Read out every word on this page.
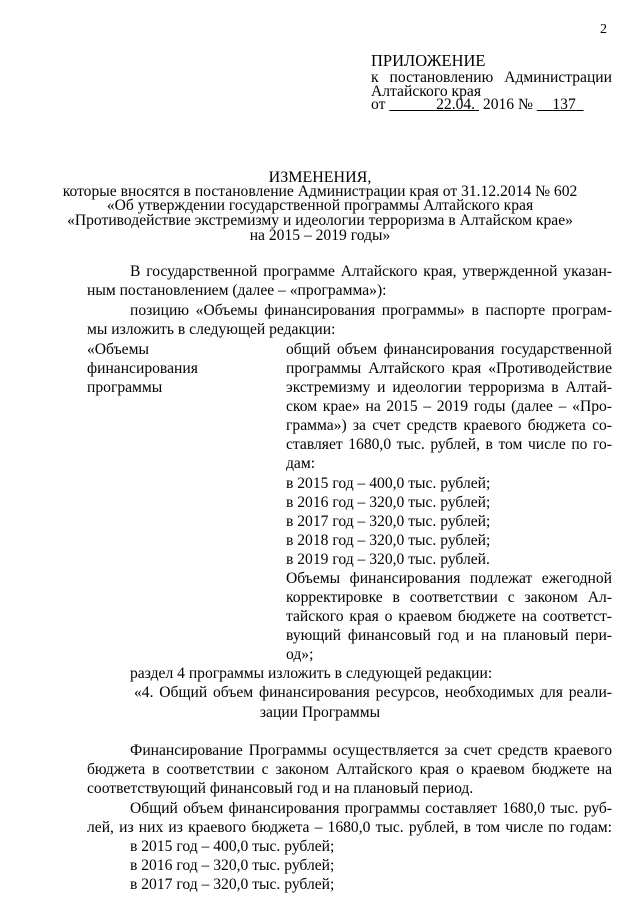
2
ПРИЛОЖЕНИЕ
к постановлению Администрации
Алтайского края
от	22.04. 2016 № 137
ИЗМЕНЕНИЯ,
которые вносятся в постановление Администрации края от 31.12.2014 № 602
«Об утверждении государственной программы Алтайского края
«Противодействие экстремизму и идеологии терроризма в Алтайском крае»
на 2015 – 2019 годы»
В государственной программе Алтайского края, утвержденной указан-
ным постановлением (далее – «программа»):
позицию «Объемы финансирования программы» в паспорте програм-
мы изложить в следующей редакции:
«Объемы
финансирования
программы
общий объем финансирования государственной
программы Алтайского края «Противодействие
экстремизму и идеологии терроризма в Алтай-
ском крае» на 2015 – 2019 годы (далее – «Про-
грамма») за счет средств краевого бюджета со-
ставляет 1680,0 тыс. рублей, в том числе по го-
дам:
в 2015 год – 400,0 тыс. рублей;
в 2016 год – 320,0 тыс. рублей;
в 2017 год – 320,0 тыс. рублей;
в 2018 год – 320,0 тыс. рублей;
в 2019 год – 320,0 тыс. рублей.
Объемы финансирования подлежат ежегодной
корректировке в соответствии с законом Ал-
тайского края о краевом бюджете на соответст-
вующий финансовый год и на плановый пери-
од»;
раздел 4 программы изложить в следующей редакции:
«4. Общий объем финансирования ресурсов, необходимых для реали-
зации Программы
Финансирование Программы осуществляется за счет средств краевого
бюджета в соответствии с законом Алтайского края о краевом бюджете на
соответствующий финансовый год и на плановый период.
Общий объем финансирования программы составляет 1680,0 тыс. руб-
лей, из них из краевого бюджета – 1680,0 тыс. рублей, в том числе по годам:
в 2015 год – 400,0 тыс. рублей;
в 2016 год – 320,0 тыс. рублей;
в 2017 год – 320,0 тыс. рублей;
